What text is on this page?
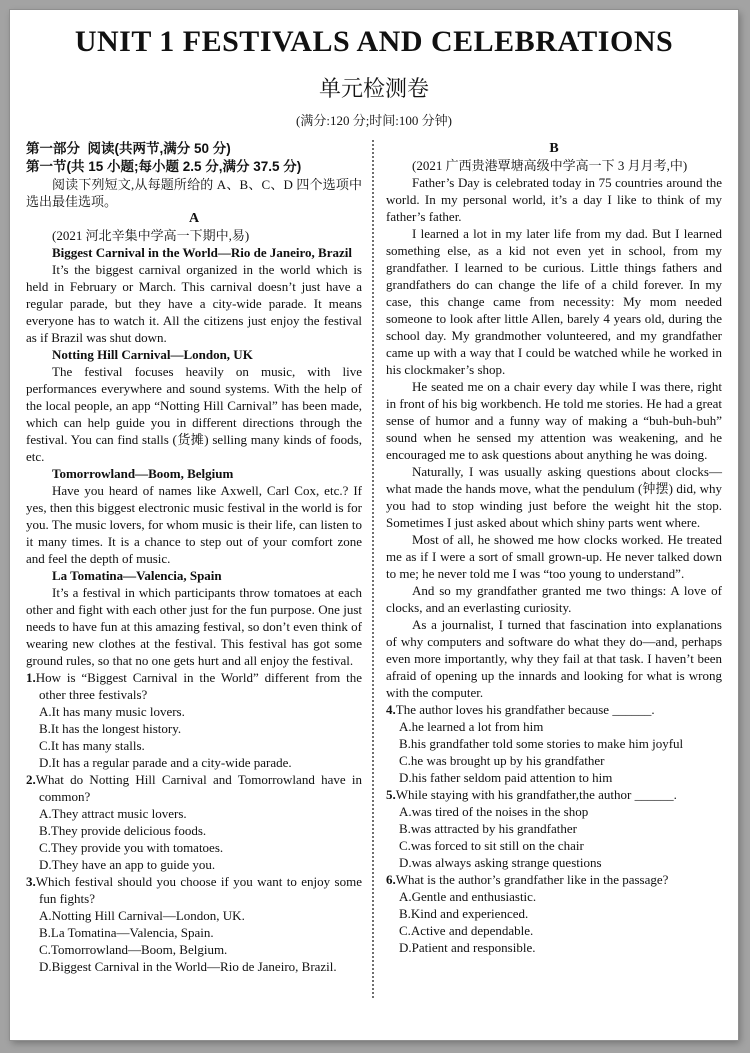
UNIT 1 FESTIVALS AND CELEBRATIONS
单元检测卷
(满分:120 分;时间:100 分钟)
第一部分  阅读(共两节,满分 50 分)
第一节(共 15 小题;每小题 2.5 分,满分 37.5 分)
阅读下列短文,从每题所给的 A、B、C、D 四个选项中选出最佳选项。
A
(2021 河北辛集中学高一下期中,易)
Biggest Carnival in the World—Rio de Janeiro, Brazil
It’s the biggest carnival organized in the world which is held in February or March. This carnival doesn’t just have a regular parade, but they have a city-wide parade. It means everyone has to watch it. All the citizens just enjoy the festival as if Brazil was shut down.
Notting Hill Carnival—London, UK
The festival focuses heavily on music, with live performances everywhere and sound systems. With the help of the local people, an app “Notting Hill Carnival” has been made, which can help guide you in different directions through the festival. You can find stalls (货摊) selling many kinds of foods, etc.
Tomorrowland—Boom, Belgium
Have you heard of names like Axwell, Carl Cox, etc.? If yes, then this biggest electronic music festival in the world is for you. The music lovers, for whom music is their life, can listen to it many times. It is a chance to step out of your comfort zone and feel the depth of music.
La Tomatina—Valencia, Spain
It’s a festival in which participants throw tomatoes at each other and fight with each other just for the fun purpose. One just needs to have fun at this amazing festival, so don’t even think of wearing new clothes at the festival. This festival has got some ground rules, so that no one gets hurt and all enjoy the festival.
1.How is “Biggest Carnival in the World” different from the other three festivals?
A.It has many music lovers.
B.It has the longest history.
C.It has many stalls.
D.It has a regular parade and a city-wide parade.
2.What do Notting Hill Carnival and Tomorrowland have in common?
A.They attract music lovers.
B.They provide delicious foods.
C.They provide you with tomatoes.
D.They have an app to guide you.
3.Which festival should you choose if you want to enjoy some fun fights?
A.Notting Hill Carnival—London, UK.
B.La Tomatina—Valencia, Spain.
C.Tomorrowland—Boom, Belgium.
D.Biggest Carnival in the World—Rio de Janeiro, Brazil.
B
(2021 广西贵港覃塘高级中学高一下 3 月月考,中)
Father’s Day is celebrated today in 75 countries around the world. In my personal world, it’s a day I like to think of my father’s father.
I learned a lot in my later life from my dad. But I learned something else, as a kid not even yet in school, from my grandfather. I learned to be curious. Little things fathers and grandfathers do can change the life of a child forever. In my case, this change came from necessity: My mom needed someone to look after little Allen, barely 4 years old, during the school day. My grandmother volunteered, and my grandfather came up with a way that I could be watched while he worked in his clockmaker’s shop.
He seated me on a chair every day while I was there, right in front of his big workbench. He told me stories. He had a great sense of humor and a funny way of making a “buh-buh-buh” sound when he sensed my attention was weakening, and he encouraged me to ask questions about anything he was doing.
Naturally, I was usually asking questions about clocks—what made the hands move, what the pendulum (钟摆) did, why you had to stop winding just before the weight hit the stop. Sometimes I just asked about which shiny parts went where.
Most of all, he showed me how clocks worked. He treated me as if I were a sort of small grown-up. He never talked down to me; he never told me I was “too young to understand”.
And so my grandfather granted me two things: A love of clocks, and an everlasting curiosity.
As a journalist, I turned that fascination into explanations of why computers and software do what they do—and, perhaps even more importantly, why they fail at that task. I haven’t been afraid of opening up the innards and looking for what is wrong with the computer.
4.The author loves his grandfather because ______.
A.he learned a lot from him
B.his grandfather told some stories to make him joyful
C.he was brought up by his grandfather
D.his father seldom paid attention to him
5.While staying with his grandfather,the author ______.
A.was tired of the noises in the shop
B.was attracted by his grandfather
C.was forced to sit still on the chair
D.was always asking strange questions
6.What is the author’s grandfather like in the passage?
A.Gentle and enthusiastic.
B.Kind and experienced.
C.Active and dependable.
D.Patient and responsible.
